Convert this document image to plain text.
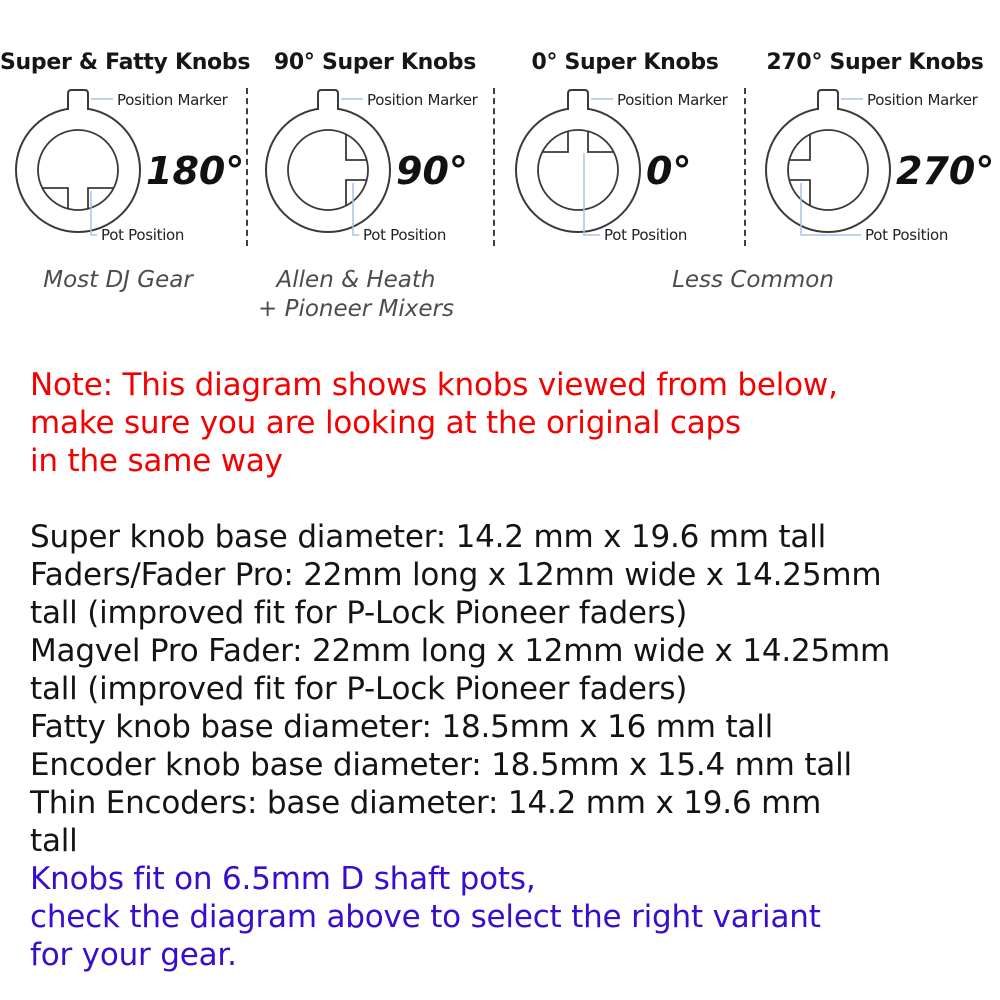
Super & Fatty Knobs	90° Super Knobs	0° Super Knobs	270° Super Knobs
Position Marker
180°
Pot Position
Position Marker
90°
Pot Position
Position Marker
0°
Pot Position
Position Marker
270°
Pot Position
Most DJ Gear	Allen & Heath
+ Pioneer Mixers
Less Common
Note: This diagram shows knobs viewed from below,
make sure you are looking at the original caps
in the same way
Super knob base diameter: 14.2 mm x 19.6 mm tall
Faders/Fader Pro: 22mm long x 12mm wide x 14.25mm
tall (improved fit for P-Lock Pioneer faders)
Magvel Pro Fader: 22mm long x 12mm wide x 14.25mm
tall (improved fit for P-Lock Pioneer faders)
Fatty knob base diameter: 18.5mm x 16 mm tall
Encoder knob base diameter: 18.5mm x 15.4 mm tall
Thin Encoders: base diameter: 14.2 mm x 19.6 mm
tall
Knobs fit on 6.5mm D shaft pots,
check the diagram above to select the right variant
for your gear.
